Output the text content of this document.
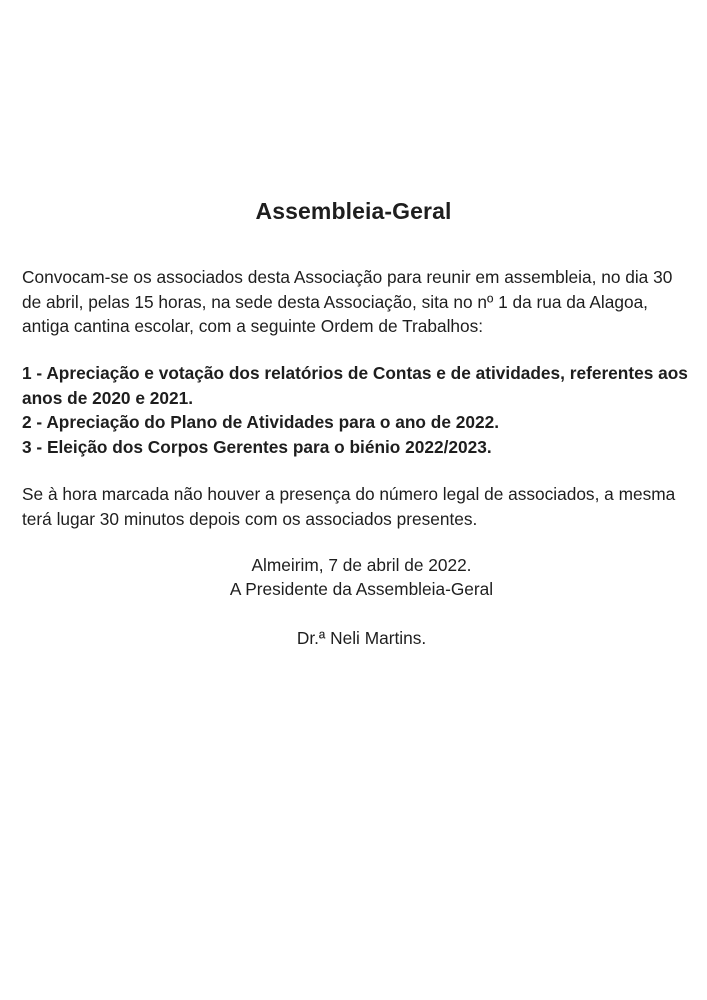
Assembleia-Geral

Convocam-se os associados desta Associação para reunir em assembleia, no dia 30 de abril, pelas 15 horas, na sede desta Associação, sita no nº 1 da rua da Alagoa, antiga cantina escolar, com a seguinte Ordem de Trabalhos:

1 - Apreciação e votação dos relatórios de Contas e de atividades, referentes aos anos de 2020 e 2021.
2 - Apreciação do Plano de Atividades para o ano de 2022.
3 - Eleição dos Corpos Gerentes para o biénio 2022/2023.

Se à hora marcada não houver a presença do número legal de associados, a mesma terá lugar 30 minutos depois com os associados presentes.

Almeirim, 7 de abril de 2022.
A Presidente da Assembleia-Geral
Dr.ª Neli Martins.
